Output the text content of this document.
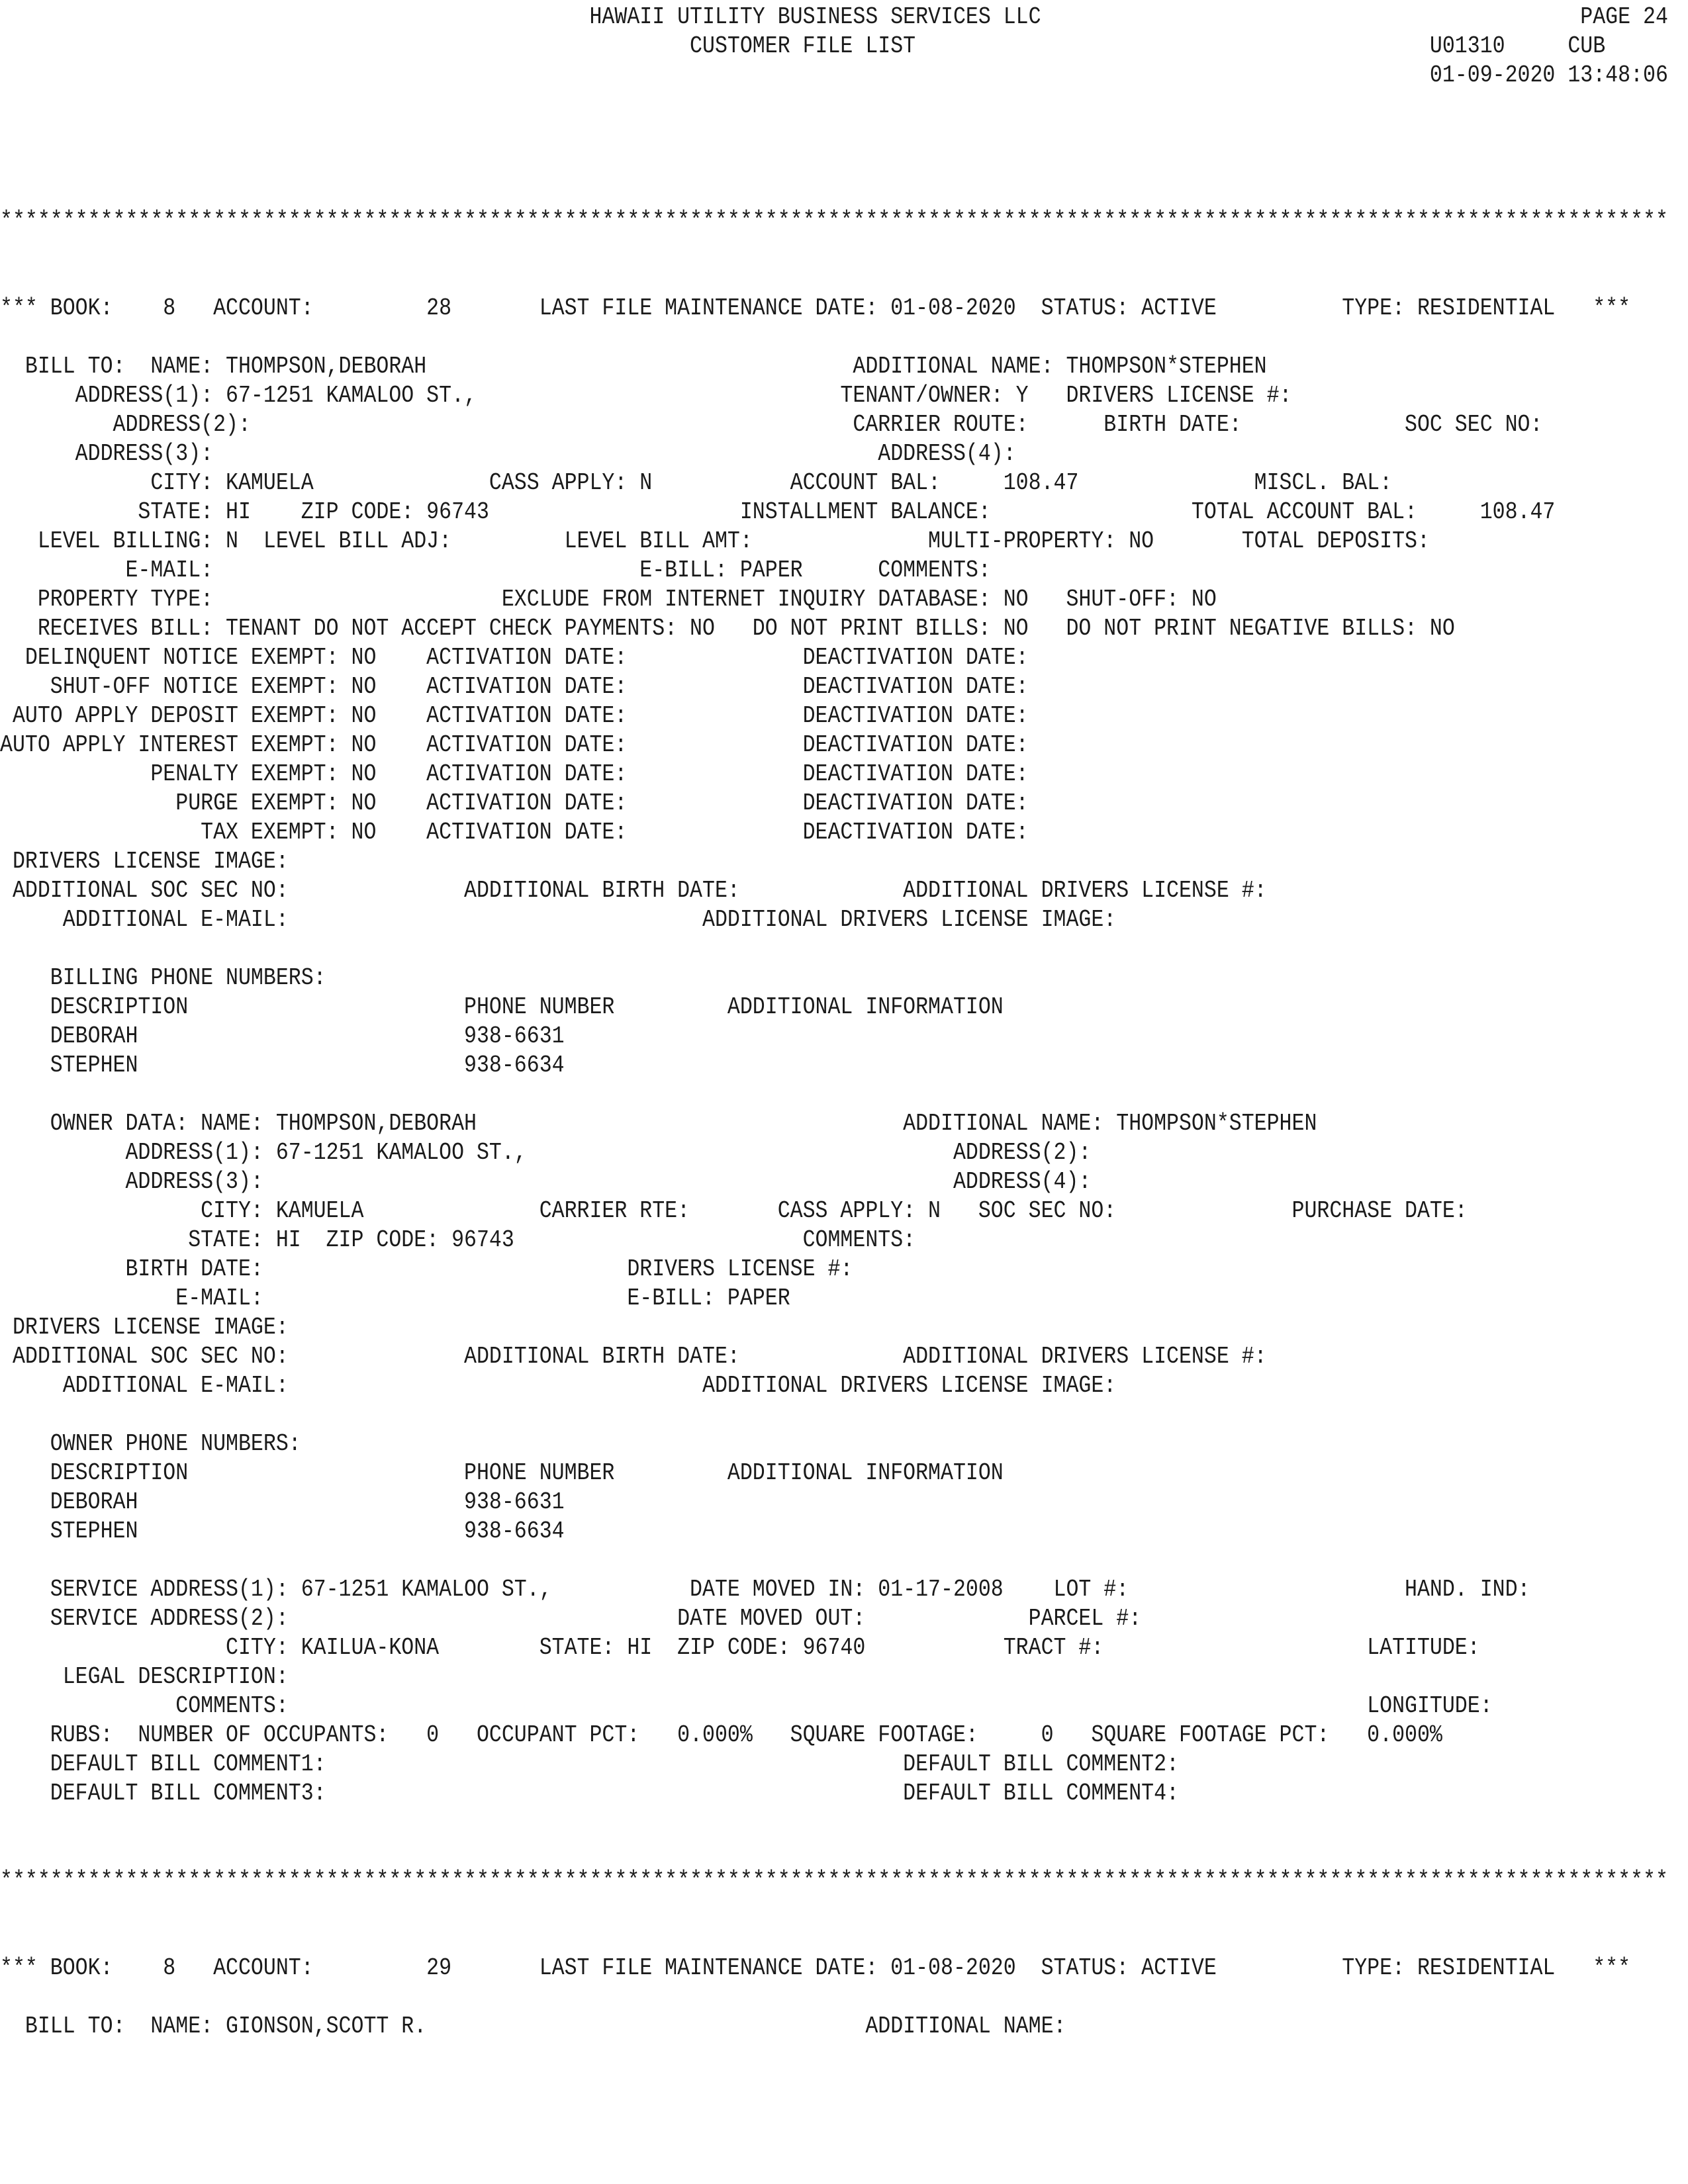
HAWAII UTILITY BUSINESS SERVICES LLC                                           PAGE 24
CUSTOMER FILE LIST                                         U01310     CUB
01-09-2020 13:48:06
*************************************************************************************************************************************
*** BOOK:    8   ACCOUNT:         28       LAST FILE MAINTENANCE DATE: 01-08-2020  STATUS: ACTIVE          TYPE: RESIDENTIAL   ***
BILL TO:  NAME: THOMPSON,DEBORAH                                  ADDITIONAL NAME: THOMPSON*STEPHEN
ADDRESS(1): 67-1251 KAMALOO ST.,                             TENANT/OWNER: Y   DRIVERS LICENSE #:
ADDRESS(2):                                                CARRIER ROUTE:      BIRTH DATE:             SOC SEC NO:
ADDRESS(3):                                                     ADDRESS(4):
CITY: KAMUELA              CASS APPLY: N           ACCOUNT BAL:     108.47              MISCL. BAL:
STATE: HI    ZIP CODE: 96743                    INSTALLMENT BALANCE:                TOTAL ACCOUNT BAL:     108.47
LEVEL BILLING: N  LEVEL BILL ADJ:         LEVEL BILL AMT:              MULTI-PROPERTY: NO       TOTAL DEPOSITS:
E-MAIL:                                  E-BILL: PAPER      COMMENTS:
PROPERTY TYPE:                       EXCLUDE FROM INTERNET INQUIRY DATABASE: NO   SHUT-OFF: NO
RECEIVES BILL: TENANT DO NOT ACCEPT CHECK PAYMENTS: NO   DO NOT PRINT BILLS: NO   DO NOT PRINT NEGATIVE BILLS: NO
DELINQUENT NOTICE EXEMPT: NO    ACTIVATION DATE:              DEACTIVATION DATE:
SHUT-OFF NOTICE EXEMPT: NO    ACTIVATION DATE:              DEACTIVATION DATE:
AUTO APPLY DEPOSIT EXEMPT: NO    ACTIVATION DATE:              DEACTIVATION DATE:
AUTO APPLY INTEREST EXEMPT: NO    ACTIVATION DATE:              DEACTIVATION DATE:
PENALTY EXEMPT: NO    ACTIVATION DATE:              DEACTIVATION DATE:
PURGE EXEMPT: NO    ACTIVATION DATE:              DEACTIVATION DATE:
TAX EXEMPT: NO    ACTIVATION DATE:              DEACTIVATION DATE:
DRIVERS LICENSE IMAGE:
ADDITIONAL SOC SEC NO:              ADDITIONAL BIRTH DATE:             ADDITIONAL DRIVERS LICENSE #:
ADDITIONAL E-MAIL:                                 ADDITIONAL DRIVERS LICENSE IMAGE:
BILLING PHONE NUMBERS:
DESCRIPTION                      PHONE NUMBER         ADDITIONAL INFORMATION
DEBORAH                          938-6631
STEPHEN                          938-6634
OWNER DATA: NAME: THOMPSON,DEBORAH                                  ADDITIONAL NAME: THOMPSON*STEPHEN
ADDRESS(1): 67-1251 KAMALOO ST.,                                  ADDRESS(2):
ADDRESS(3):                                                       ADDRESS(4):
CITY: KAMUELA              CARRIER RTE:       CASS APPLY: N   SOC SEC NO:              PURCHASE DATE:
STATE: HI  ZIP CODE: 96743                       COMMENTS:
BIRTH DATE:                             DRIVERS LICENSE #:
E-MAIL:                             E-BILL: PAPER
DRIVERS LICENSE IMAGE:
ADDITIONAL SOC SEC NO:              ADDITIONAL BIRTH DATE:             ADDITIONAL DRIVERS LICENSE #:
ADDITIONAL E-MAIL:                                 ADDITIONAL DRIVERS LICENSE IMAGE:
OWNER PHONE NUMBERS:
DESCRIPTION                      PHONE NUMBER         ADDITIONAL INFORMATION
DEBORAH                          938-6631
STEPHEN                          938-6634
SERVICE ADDRESS(1): 67-1251 KAMALOO ST.,           DATE MOVED IN: 01-17-2008    LOT #:                      HAND. IND:
SERVICE ADDRESS(2):                               DATE MOVED OUT:             PARCEL #:
CITY: KAILUA-KONA        STATE: HI  ZIP CODE: 96740           TRACT #:                     LATITUDE:
LEGAL DESCRIPTION:
COMMENTS:                                                                                      LONGITUDE:
RUBS:  NUMBER OF OCCUPANTS:   0   OCCUPANT PCT:   0.000%   SQUARE FOOTAGE:     0   SQUARE FOOTAGE PCT:   0.000%
DEFAULT BILL COMMENT1:                                              DEFAULT BILL COMMENT2:
DEFAULT BILL COMMENT3:                                              DEFAULT BILL COMMENT4:
*************************************************************************************************************************************
*** BOOK:    8   ACCOUNT:         29       LAST FILE MAINTENANCE DATE: 01-08-2020  STATUS: ACTIVE          TYPE: RESIDENTIAL   ***
BILL TO:  NAME: GIONSON,SCOTT R.                                   ADDITIONAL NAME:
